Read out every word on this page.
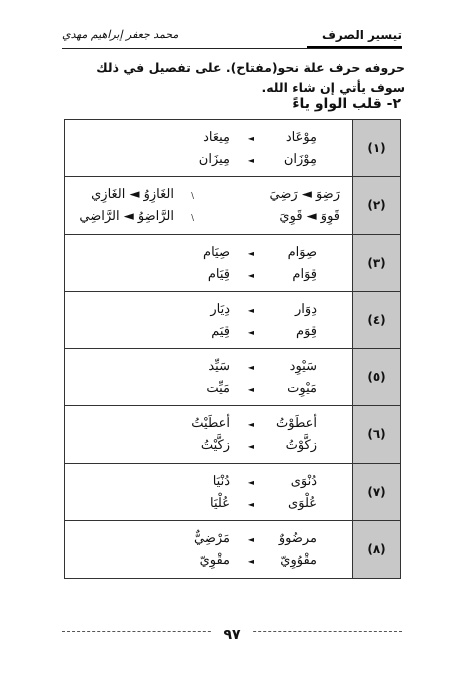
تيسير الصرف
محمد جعفر إبراهيم مهدي
حروفه حرف علة نحو(مفتاح). على تفصيل في ذلك سوف يأتي إن شاء الله.
٢- قلب الواو ياءً
(١)
مِيعَاد ◄ مِوْعَاد
مِيزَان ◄ مِوْزَان
(٢)
الغَازِوُ ◄ الغَازِي \	رَضِوَ ◄ رَضِيَ
الرَّاضِوُ ◄ الرَّاضِي \	قَوِوَ ◄ قَوِيَ
(٣)
صِيَام ◄	صِوَام
قِيَام ◄	قِوَام
(٤)
دِيَار ◄	دِوَار
قِيَم ◄	قِوَم
(٥)
سَيِّد ◄	سَيْوِد
مَيِّت ◄	مَيْوِت
(٦)
أعطَيْتُ ◄ أعطَوْتُ
زكَّيْتُ ◄ زكَّوْتُ
(٧)
دُنْيَا ◄	دُنْوَى
عُلْيَا ◄	عُلْوَى
(٨)
مَرْضِيٌّ ◄ مرضُووٌ
مقْوِيّ ◄ مقْوُوِيّ
٩٧
